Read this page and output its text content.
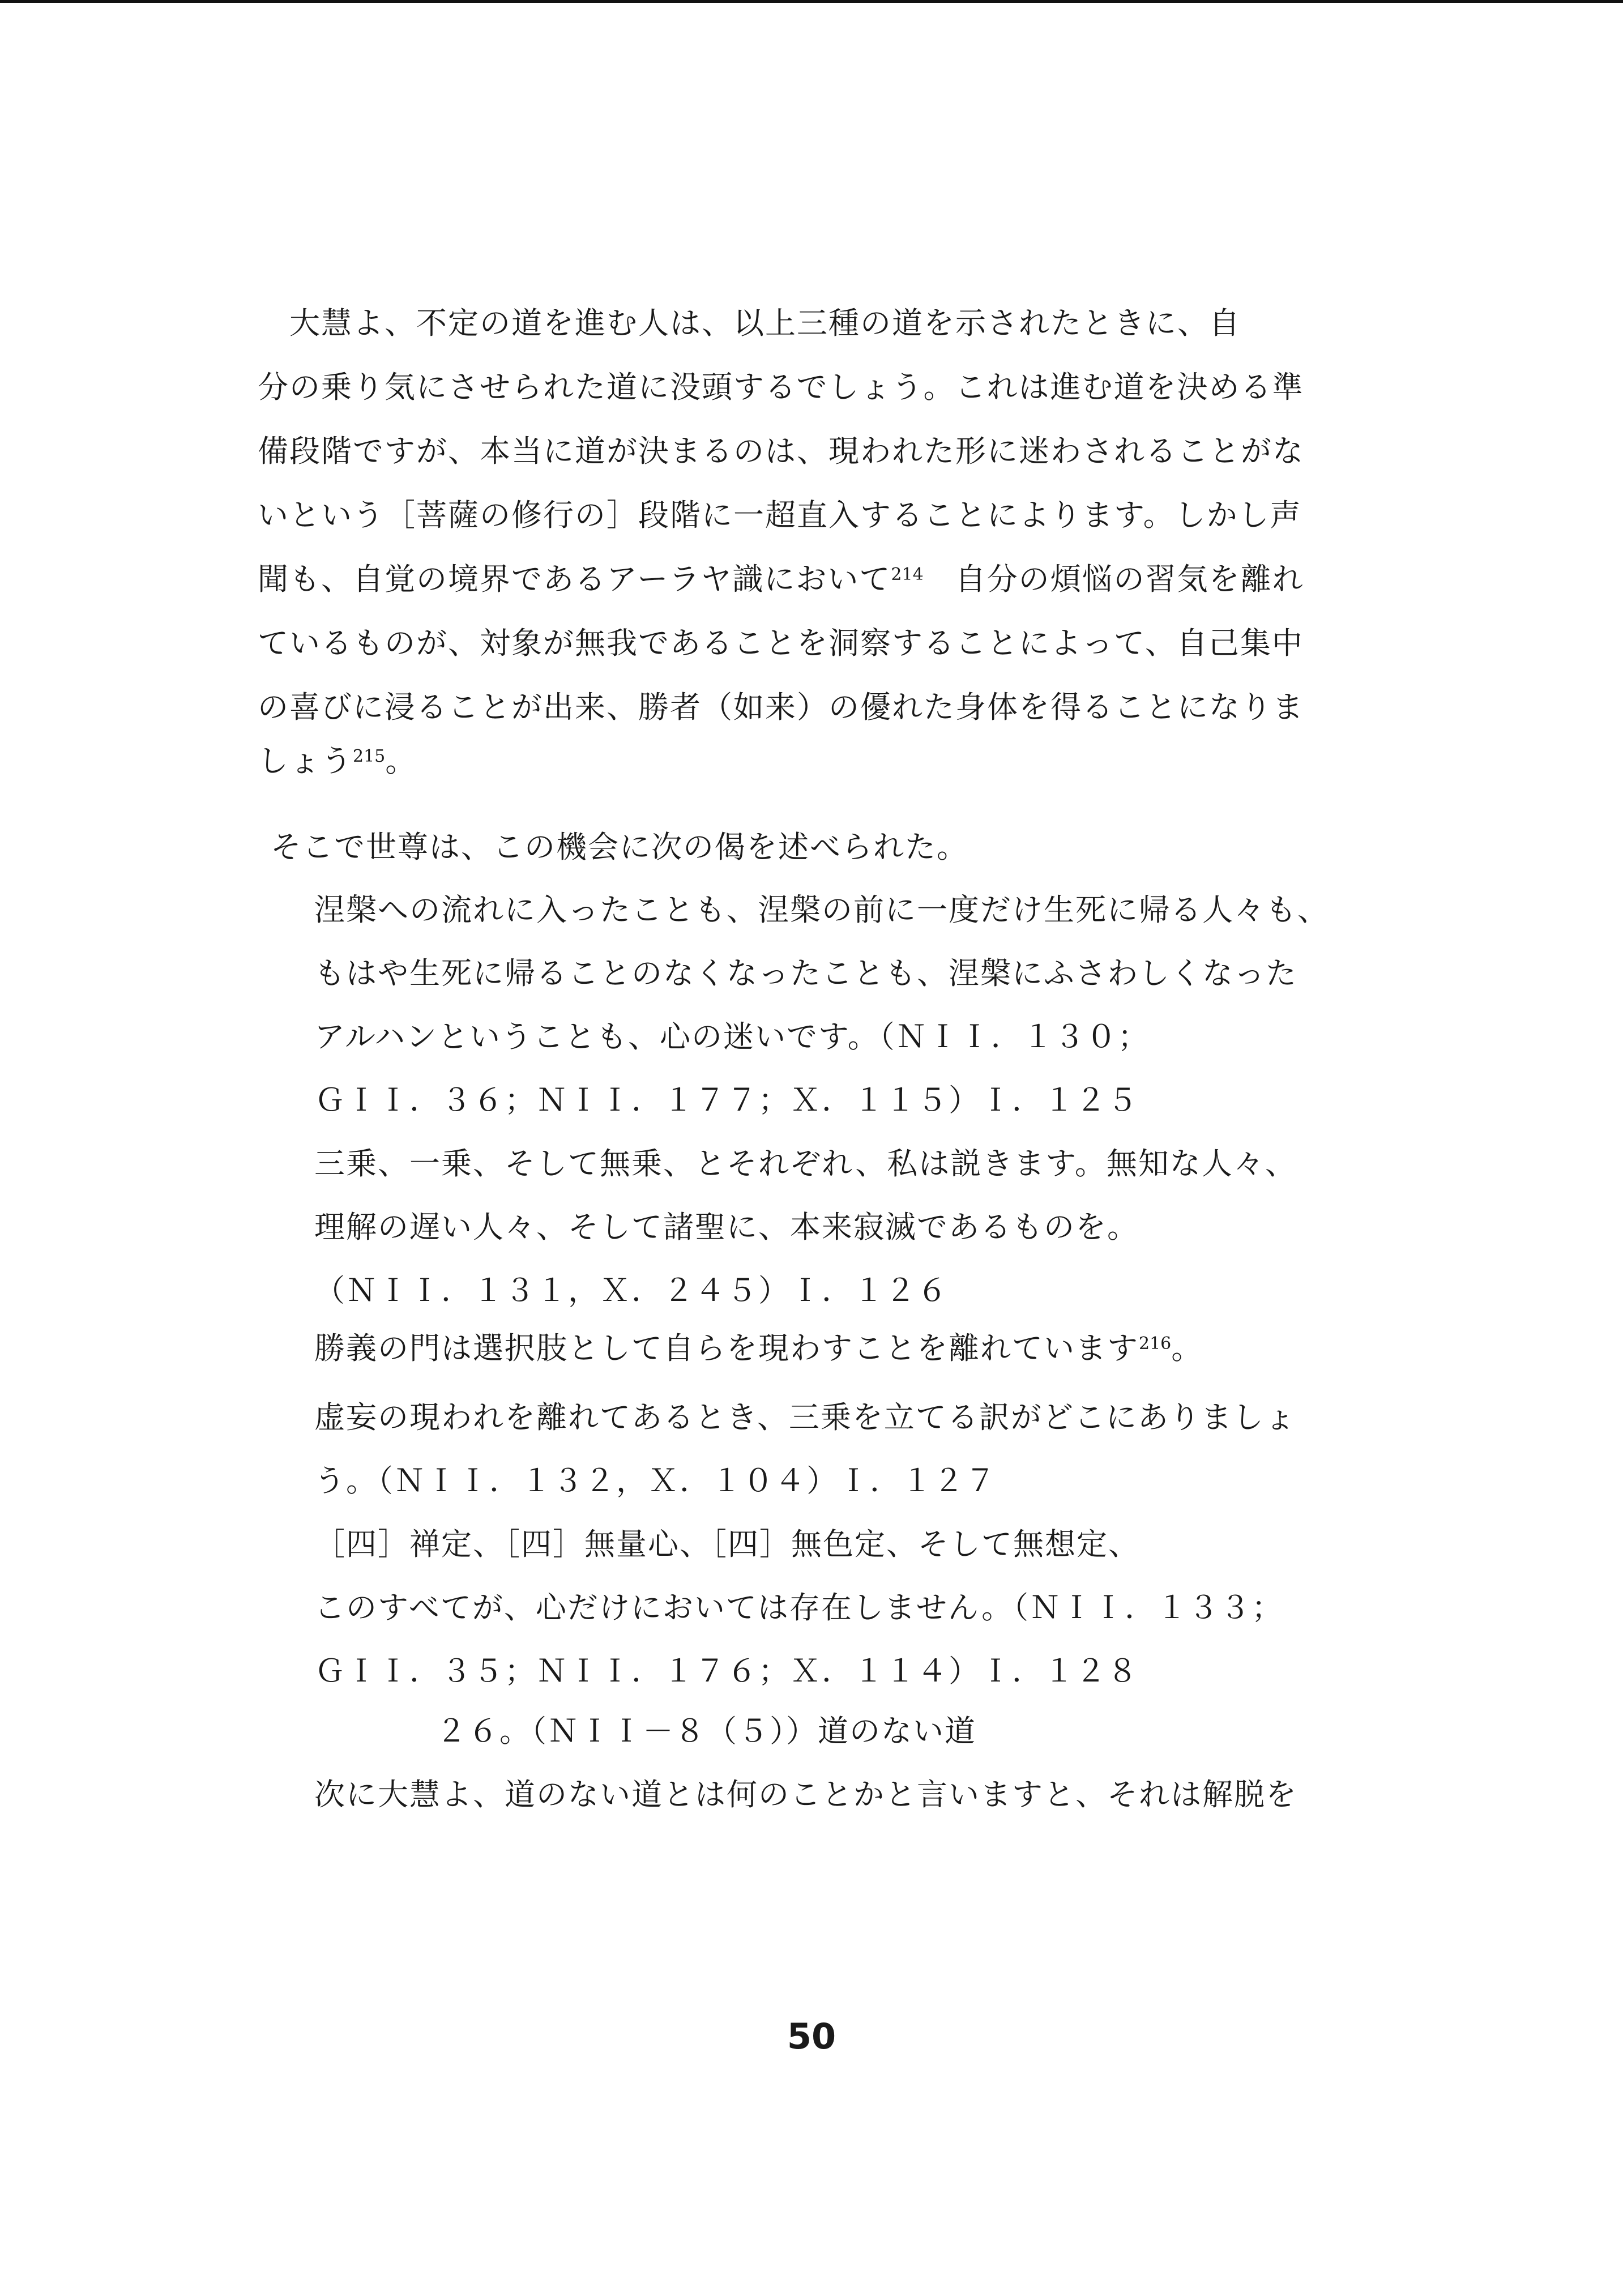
　大慧よ、不定の道を進む人は、以上三種の道を示されたときに、自
分の乗り気にさせられた道に没頭するでしょう。これは進む道を決める準
備段階ですが、本当に道が決まるのは、現われた形に迷わされることがな
いという［菩薩の修行の］段階に一超直入することによります。しかし声
聞も、自覚の境界であるアーラヤ識において$^{214}$　 自分の煩悩の習気を離れ
ているものが、対象が無我であることを洞察することによって、自己集中
の喜びに浸ることが出来、勝者（如来）の優れた身体を得ることになりま
しょう$^{215}$。
そこで世尊は、この機会に次の偈を述べられた。
涅槃への流れに入ったことも、涅槃の前に一度だけ生死に帰る人々も、
もはや生死に帰ることのなくなったことも、涅槃にふさわしくなった
アルハンということも、心の迷いです。（ＮＩＩ．１３０；
ＧＩＩ．３６；ＮＩＩ．１７７；Ｘ．１１５）Ｉ．１２５
三乗、一乗、そして無乗、とそれぞれ、私は説きます。無知な人々、
理解の遅い人々、そして諸聖に、本来寂滅であるものを。
（ＮＩＩ．１３１，Ｘ．２４５）Ｉ．１２６
勝義の門は選択肢として自らを現わすことを離れています$^{216}$。
虚妄の現われを離れてあるとき、三乗を立てる訳がどこにありましょ
う。（ＮＩＩ．１３２，Ｘ．１０４）Ｉ．１２７
［四］禅定、［四］無量心、［四］無色定、そして無想定、
このすべてが、心だけにおいては存在しません。（ＮＩＩ．１３３；
ＧＩＩ．３５；ＮＩＩ．１７６；Ｘ．１１４）Ｉ．１２８
２６。（ＮＩＩ－８（５））道のない道
次に大慧よ、道のない道とは何のことかと言いますと、それは解脱を
50
